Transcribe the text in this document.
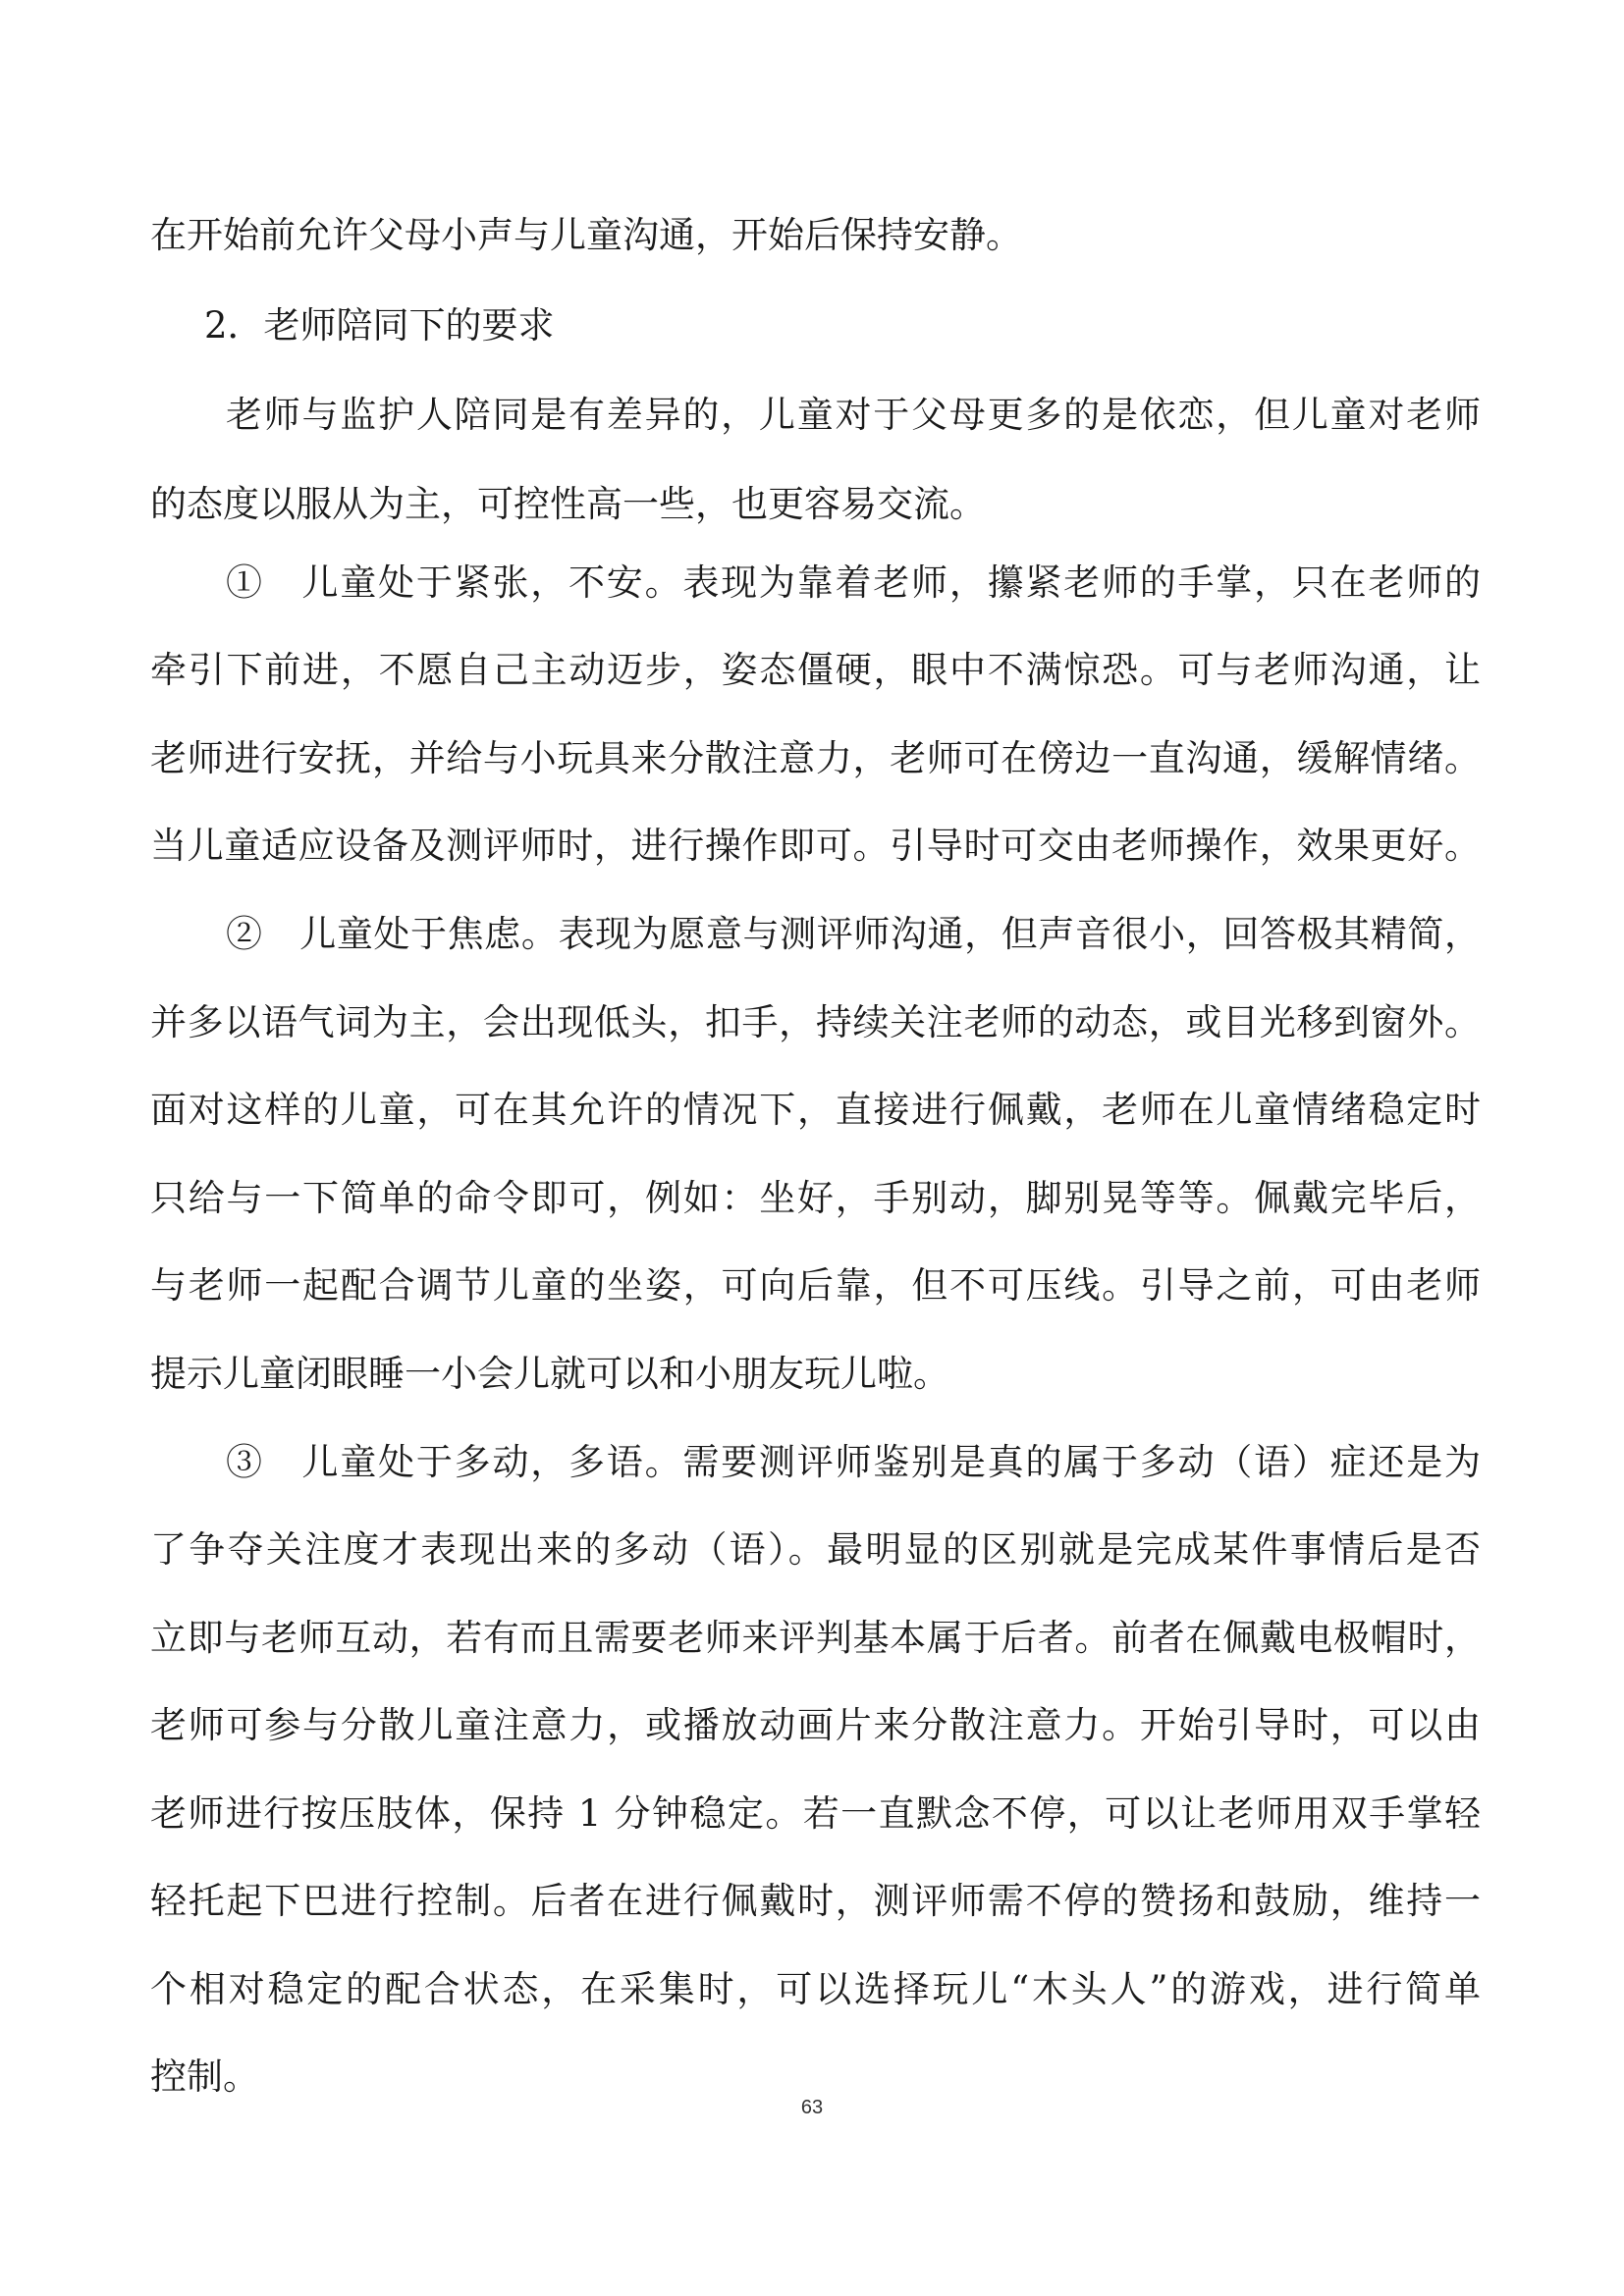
在开始前允许父母小声与儿童沟通，开始后保持安静。
2．老师陪同下的要求
老师与监护人陪同是有差异的，儿童对于父母更多的是依恋，但儿童对老师
的态度以服从为主，可控性高一些，也更容易交流。
①　儿童处于紧张，不安。表现为靠着老师，攥紧老师的手掌，只在老师的
牵引下前进，不愿自己主动迈步，姿态僵硬，眼中不满惊恐。可与老师沟通，让
老师进行安抚，并给与小玩具来分散注意力，老师可在傍边一直沟通，缓解情绪。
当儿童适应设备及测评师时，进行操作即可。引导时可交由老师操作，效果更好。
②　儿童处于焦虑。表现为愿意与测评师沟通，但声音很小，回答极其精简，
并多以语气词为主，会出现低头，扣手，持续关注老师的动态，或目光移到窗外。
面对这样的儿童，可在其允许的情况下，直接进行佩戴，老师在儿童情绪稳定时
只给与一下简单的命令即可，例如：坐好，手别动，脚别晃等等。佩戴完毕后，
与老师一起配合调节儿童的坐姿，可向后靠，但不可压线。引导之前，可由老师
提示儿童闭眼睡一小会儿就可以和小朋友玩儿啦。
③　儿童处于多动，多语。需要测评师鉴别是真的属于多动（语）症还是为
了争夺关注度才表现出来的多动（语）。最明显的区别就是完成某件事情后是否
立即与老师互动，若有而且需要老师来评判基本属于后者。前者在佩戴电极帽时，
老师可参与分散儿童注意力，或播放动画片来分散注意力。开始引导时，可以由
老师进行按压肢体，保持 1 分钟稳定。若一直默念不停，可以让老师用双手掌轻
轻托起下巴进行控制。后者在进行佩戴时，测评师需不停的赞扬和鼓励，维持一
个相对稳定的配合状态，在采集时，可以选择玩儿“木头人”的游戏，进行简单
控制。
63
